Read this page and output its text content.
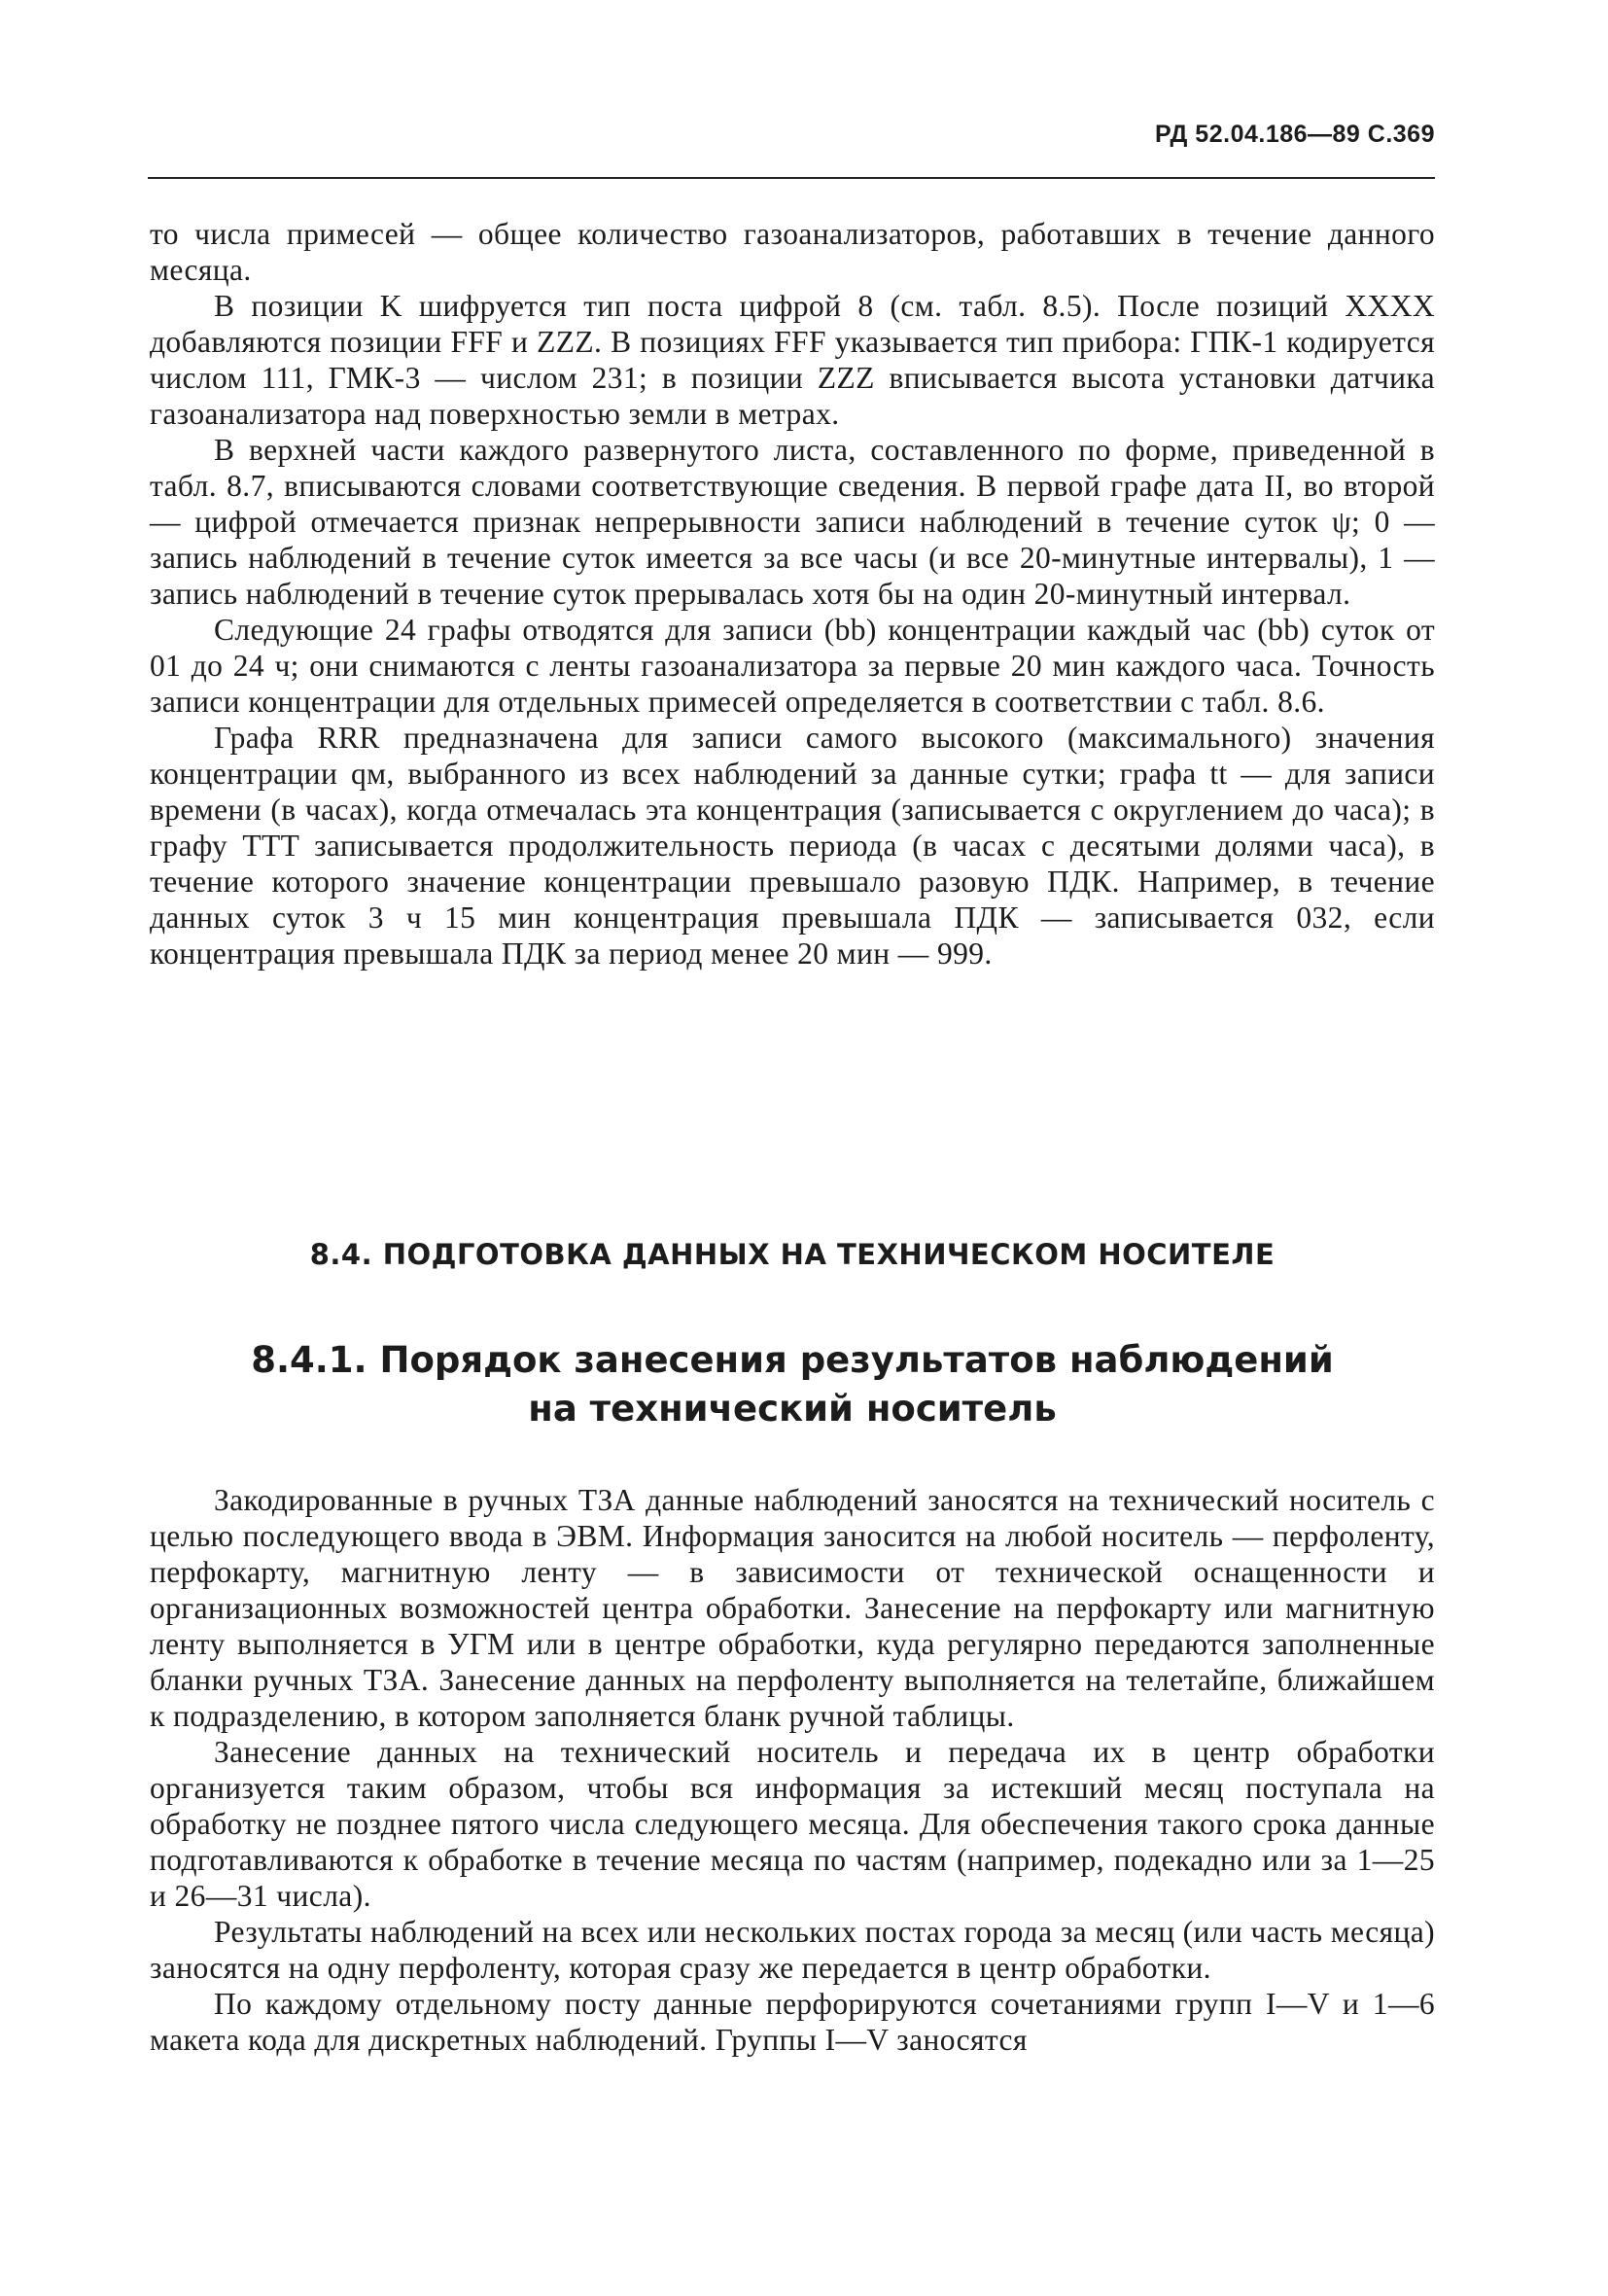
РД 52.04.186—89 С.369

то числа примесей — общее количество газоанализаторов, работавших в течение данного месяца.

В позиции K шифруется тип поста цифрой 8 (см. табл. 8.5). После позиций XXXX добавляются позиции FFF и ZZZ. В позициях FFF указывается тип прибора: ГПК-1 кодируется числом 111, ГМК-3 — числом 231; в позиции ZZZ вписывается высота установки датчика газоанализатора над поверхностью земли в метрах.

В верхней части каждого развернутого листа, составленного по форме, приведенной в табл. 8.7, вписываются словами соответствующие сведения. В первой графе дата II, во второй — цифрой отмечается признак непрерывности записи наблюдений в течение суток ψ; 0 — запись наблюдений в течение суток имеется за все часы (и все 20-минутные интервалы), 1 — запись наблюдений в течение суток прерывалась хотя бы на один 20-минутный интервал.

Следующие 24 графы отводятся для записи (bb) концентрации каждый час (bb) суток от 01 до 24 ч; они снимаются с ленты газоанализатора за первые 20 мин каждого часа. Точность записи концентрации для отдельных примесей определяется в соответствии с табл. 8.6.

Графа RRR предназначена для записи самого высокого (максимального) значения концентрации qм, выбранного из всех наблюдений за данные сутки; графа tt — для записи времени (в часах), когда отмечалась эта концентрация (записывается с округлением до часа); в графу TTT записывается продолжительность периода (в часах с десятыми долями часа), в течение которого значение концентрации превышало разовую ПДК. Например, в течение данных суток 3 ч 15 мин концентрация превышала ПДК — записывается 032, если концентрация превышала ПДК за период менее 20 мин — 999.

8.4. ПОДГОТОВКА ДАННЫХ НА ТЕХНИЧЕСКОМ НОСИТЕЛЕ
8.4.1. Порядок занесения результатов наблюдений
на технический носитель

Закодированные в ручных ТЗА данные наблюдений заносятся на технический носитель с целью последующего ввода в ЭВМ. Информация заносится на любой носитель — перфоленту, перфокарту, магнитную ленту — в зависимости от технической оснащенности и организационных возможностей центра обработки. Занесение на перфокарту или магнитную ленту выполняется в УГМ или в центре обработки, куда регулярно передаются заполненные бланки ручных ТЗА. Занесение данных на перфоленту выполняется на телетайпе, ближайшем к подразделению, в котором заполняется бланк ручной таблицы.

Занесение данных на технический носитель и передача их в центр обработки организуется таким образом, чтобы вся информация за истекший месяц поступала на обработку не позднее пятого числа следующего месяца. Для обеспечения такого срока данные подготавливаются к обработке в течение месяца по частям (например, подекадно или за 1—25 и 26—31 числа).

Результаты наблюдений на всех или нескольких постах города за месяц (или часть месяца) заносятся на одну перфоленту, которая сразу же передается в центр обработки.

По каждому отдельному посту данные перфорируются сочетаниями групп I—V и 1—6 макета кода для дискретных наблюдений. Группы I—V заносятся
